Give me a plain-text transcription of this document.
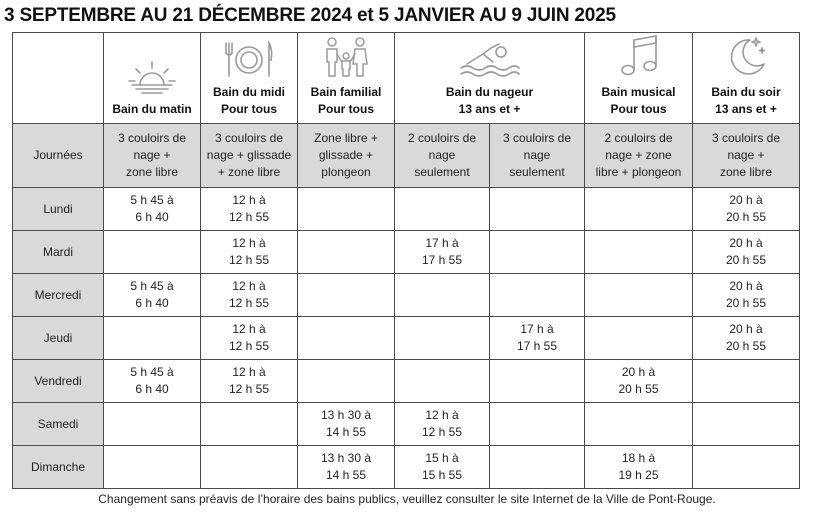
3 SEPTEMBRE AU 21 DÉCEMBRE 2024 et 5 JANVIER AU 9 JUIN 2025

	Bain du matin	Bain du midi
Pour tous	Bain familial
Pour tous	Bain du nageur
13 ans et +		Bain musical
Pour tous	Bain du soir
13 ans et +

Journées	3 couloirs de
nage +
zone libre	3 couloirs de
nage + glissade
+ zone libre	Zone libre +
glissade +
plongeon	2 couloirs de
nage
seulement	3 couloirs de
nage
seulement	2 couloirs de
nage + zone
libre + plongeon	3 couloirs de
nage +
zone libre

Lundi	5 h 45 à
6 h 40	12 h à
12 h 55					20 h à
20 h 55

Mardi		12 h à
12 h 55		17 h à
17 h 55			20 h à
20 h 55

Mercredi	5 h 45 à
6 h 40	12 h à
12 h 55					20 h à
20 h 55

Jeudi		12 h à
12 h 55			17 h à
17 h 55		20 h à
20 h 55

Vendredi	5 h 45 à
6 h 40	12 h à
12 h 55				20 h à
20 h 55	

Samedi			13 h 30 à
14 h 55	12 h à
12 h 55			

Dimanche			13 h 30 à
14 h 55	15 h à
15 h 55		18 h à
19 h 25	

Changement sans préavis de l’horaire des bains publics, veuillez consulter le site Internet de la Ville de Pont-Rouge.
